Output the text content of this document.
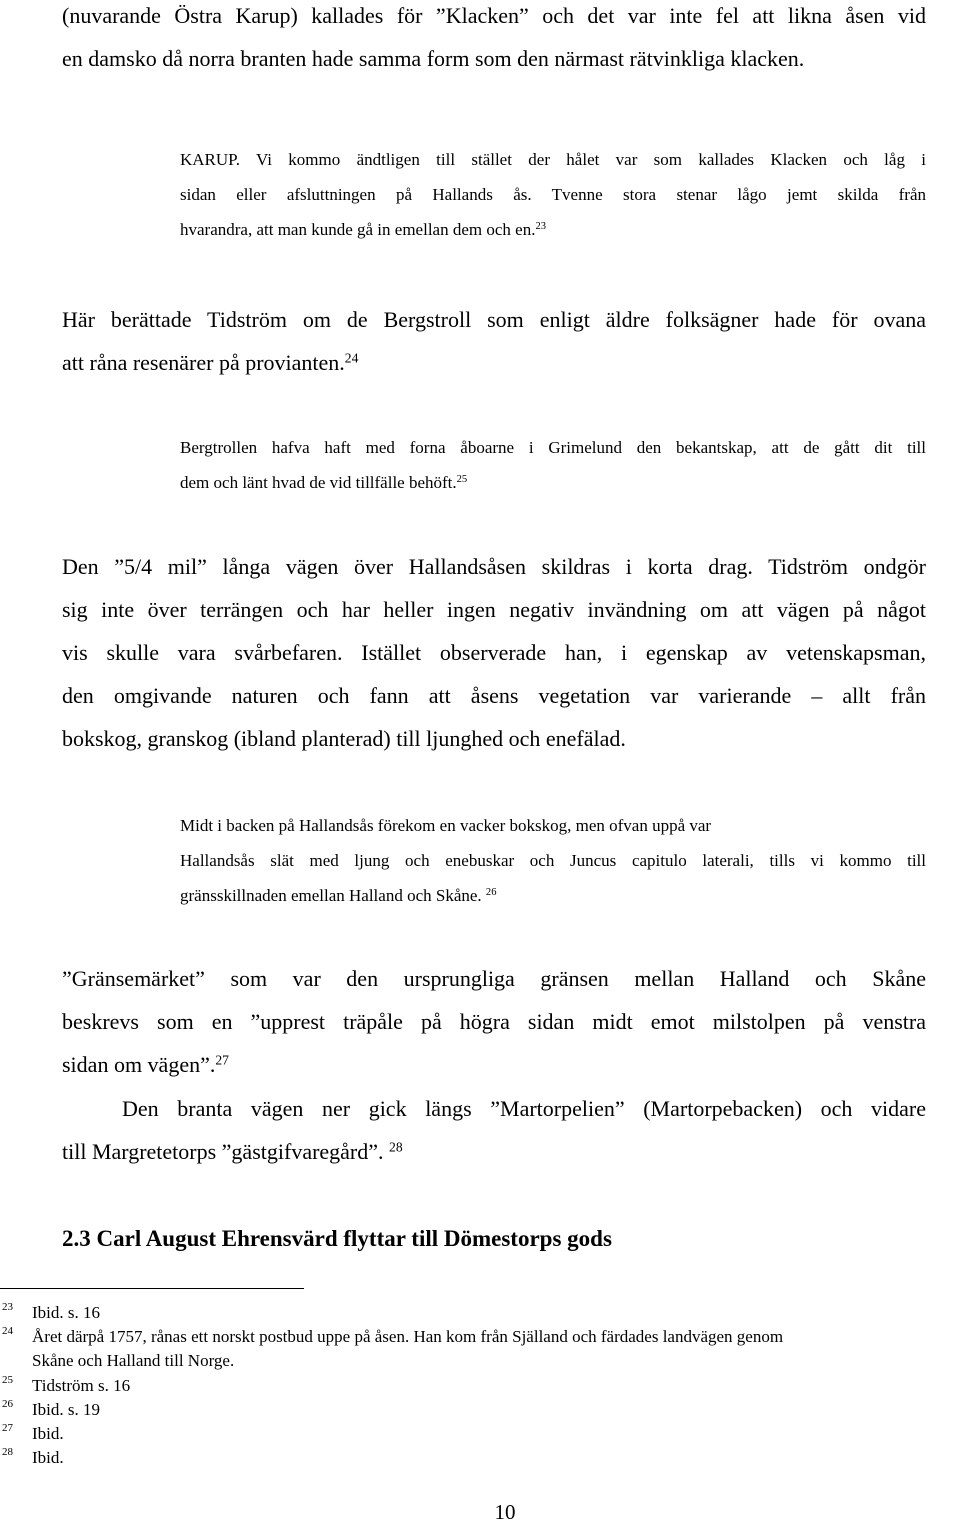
(nuvarande Östra Karup) kallades för ”Klacken” och det var inte fel att likna åsen vid
en damsko då norra branten hade samma form som den närmast rätvinkliga klacken.
KARUP. Vi kommo ändtligen till stället der hålet var som kallades Klacken och låg i
sidan eller afsluttningen på Hallands ås. Tvenne stora stenar lågo jemt skilda från
hvarandra, att man kunde gå in emellan dem och en.$^{23}$
Här berättade Tidström om de Bergstroll som enligt äldre folksägner hade för ovana
att råna resenärer på provianten.$^{24}$
Bergtrollen hafva haft med forna åboarne i Grimelund den bekantskap, att de gått dit till
dem och länt hvad de vid tillfälle behöft.$^{25}$
Den ”5/4 mil” långa vägen över Hallandsåsen skildras i korta drag. Tidström ondgör
sig inte över terrängen och har heller ingen negativ invändning om att vägen på något
vis skulle vara svårbefaren. Istället observerade han, i egenskap av vetenskapsman,
den omgivande naturen och fann att åsens vegetation var varierande – allt från
bokskog, granskog (ibland planterad) till ljunghed och enefälad.
Midt i backen på Hallandsås förekom en vacker bokskog, men ofvan uppå var
Hallandsås slät med ljung och enebuskar och Juncus capitulo laterali, tills vi kommo till
gränsskillnaden emellan Halland och Skåne. $^{26}$
”Gränsemärket” som var den ursprungliga gränsen mellan Halland och Skåne
beskrevs som en ”upprest träpåle på högra sidan midt emot milstolpen på venstra
sidan om vägen”.$^{27}$
Den branta vägen ner gick längs ”Martorpelien” (Martorpebacken) och vidare
till Margretetorps ”gästgifvaregård”. $^{28}$
2.3 Carl August Ehrensvärd flyttar till Dömestorps gods
23 Ibid. s. 16
24 Året därpå 1757, rånas ett norskt postbud uppe på åsen. Han kom från Själland och färdades landvägen genom
Skåne och Halland till Norge.
25 Tidström s. 16
26 Ibid. s. 19
27 Ibid.
28 Ibid.
10
